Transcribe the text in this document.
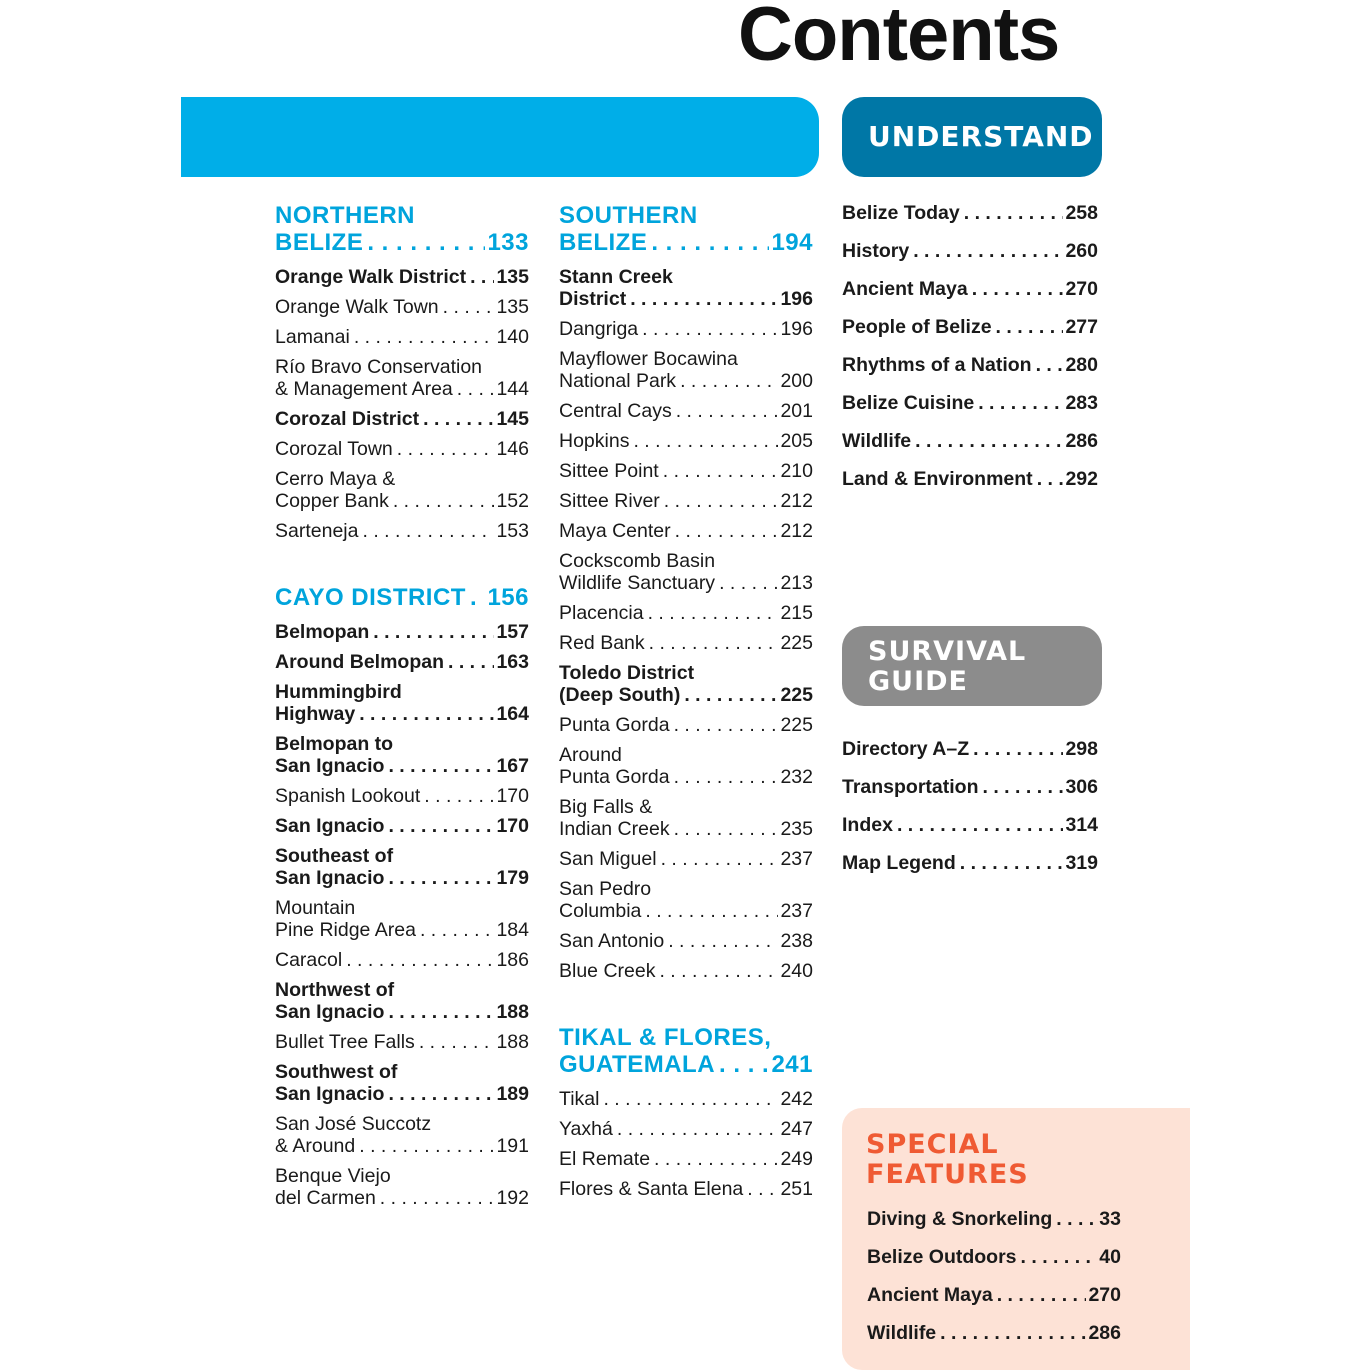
Contents
UNDERSTAND
SURVIVAL
GUIDE
SPECIAL
FEATURES
NORTHERN
BELIZE . . .	133
Orange Walk District . . . 135
Orange Walk Town . . .	135
Lamanai . . .	140
Río Bravo Conservation
& Management Area . . . 144
Corozal District . . .	145
Corozal Town . . .	146
Cerro Maya &
Copper Bank . . .	152
Sarteneja . . .	153
CAYO DISTRICT . . . 156
Belmopan . . .	157
Around Belmopan . . .	163
Hummingbird
Highway . . .	164
Belmopan to
San Ignacio . . .	167
Spanish Lookout . . .	170
San Ignacio . . .	170
Southeast of
San Ignacio . . .	179
Mountain
Pine Ridge Area . . .	184
Caracol . . .	186
Northwest of
San Ignacio . . .	188
Bullet Tree Falls . . .	188
Southwest of
San Ignacio . . .	189
San José Succotz
& Around . . .	191
Benque Viejo
del Carmen . . .	192
SOUTHERN
BELIZE . . .	194
Stann Creek
District . . .	196
Dangriga . . .	196
Mayflower Bocawina
National Park . . .	200
Central Cays . . .	201
Hopkins . . .	205
Sittee Point . . .	210
Sittee River . . .	212
Maya Center . . .	212
Cockscomb Basin
Wildlife Sanctuary . . .	213
Placencia . . .	215
Red Bank . . .	225
Toledo District
(Deep South) . . .	225
Punta Gorda . . .	225
Around
Punta Gorda . . .	232
Big Falls &
Indian Creek . . .	235
San Miguel . . .	237
San Pedro
Columbia . . .	237
San Antonio . . .	238
Blue Creek . . .	240
TIKAL & FLORES,
GUATEMALA . . . 241
Tikal . . .	242
Yaxhá . . .	247
El Remate . . .	249
Flores & Santa Elena . . . 251
Belize Today . . .	258
History . . .	260
Ancient Maya . . .	270
People of Belize . . .	277
Rhythms of a Nation . . . 280
Belize Cuisine . . .	283
Wildlife . . .	286
Land & Environment . . . 292
Directory A–Z . . .	298
Transportation . . .	306
Index . . .	314
Map Legend . . .	319
Diving & Snorkeling . . . 33
Belize Outdoors . . .	40
Ancient Maya . . .	270
Wildlife . . .	286
